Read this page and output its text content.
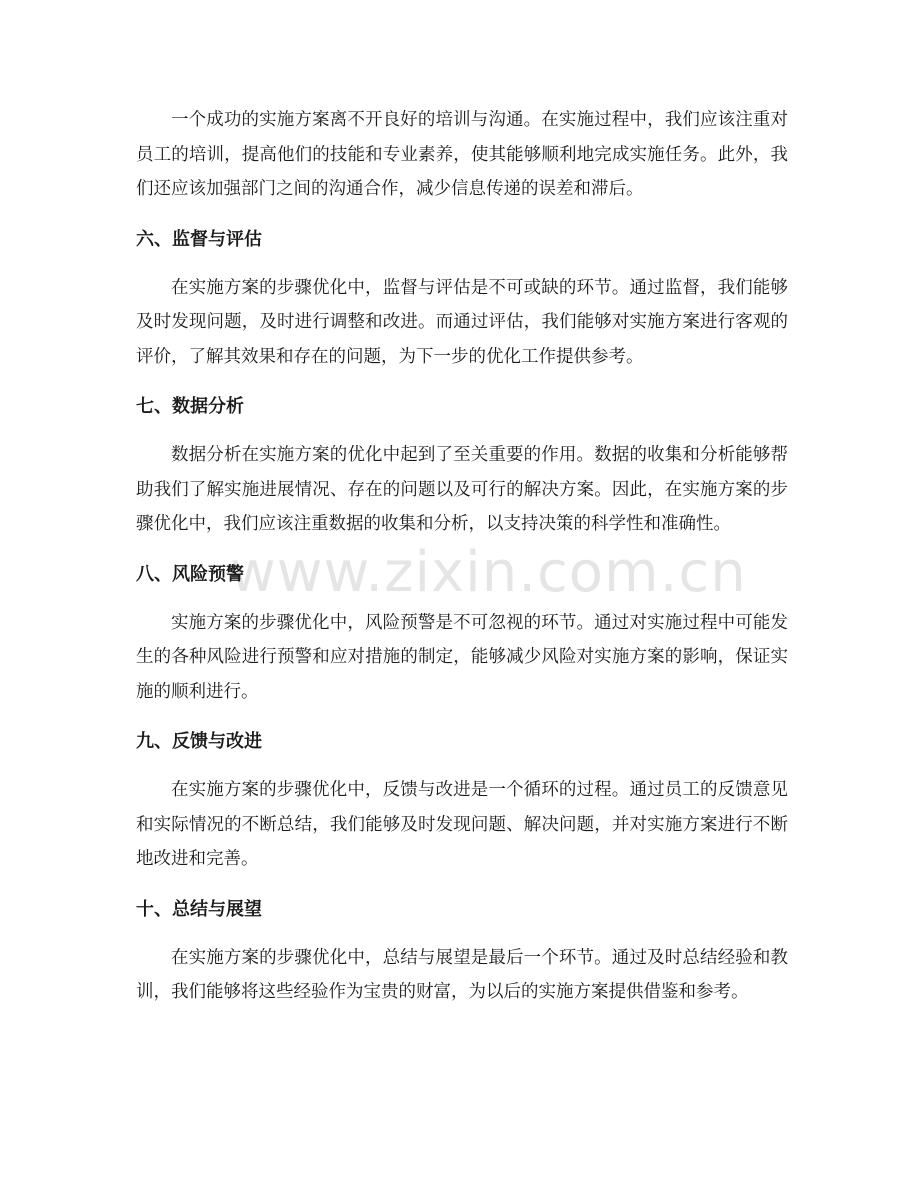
一个成功的实施方案离不开良好的培训与沟通。在实施过程中，我们应该注重对员工的培训，提高他们的技能和专业素养，使其能够顺利地完成实施任务。此外，我们还应该加强部门之间的沟通合作，减少信息传递的误差和滞后。

六、监督与评估

在实施方案的步骤优化中，监督与评估是不可或缺的环节。通过监督，我们能够及时发现问题，及时进行调整和改进。而通过评估，我们能够对实施方案进行客观的评价，了解其效果和存在的问题，为下一步的优化工作提供参考。

七、数据分析

数据分析在实施方案的优化中起到了至关重要的作用。数据的收集和分析能够帮助我们了解实施进展情况、存在的问题以及可行的解决方案。因此，在实施方案的步骤优化中，我们应该注重数据的收集和分析，以支持决策的科学性和准确性。

八、风险预警

实施方案的步骤优化中，风险预警是不可忽视的环节。通过对实施过程中可能发生的各种风险进行预警和应对措施的制定，能够减少风险对实施方案的影响，保证实施的顺利进行。

九、反馈与改进

在实施方案的步骤优化中，反馈与改进是一个循环的过程。通过员工的反馈意见和实际情况的不断总结，我们能够及时发现问题、解决问题，并对实施方案进行不断地改进和完善。

十、总结与展望

在实施方案的步骤优化中，总结与展望是最后一个环节。通过及时总结经验和教训，我们能够将这些经验作为宝贵的财富，为以后的实施方案提供借鉴和参考。

www.zixin.com.cn
